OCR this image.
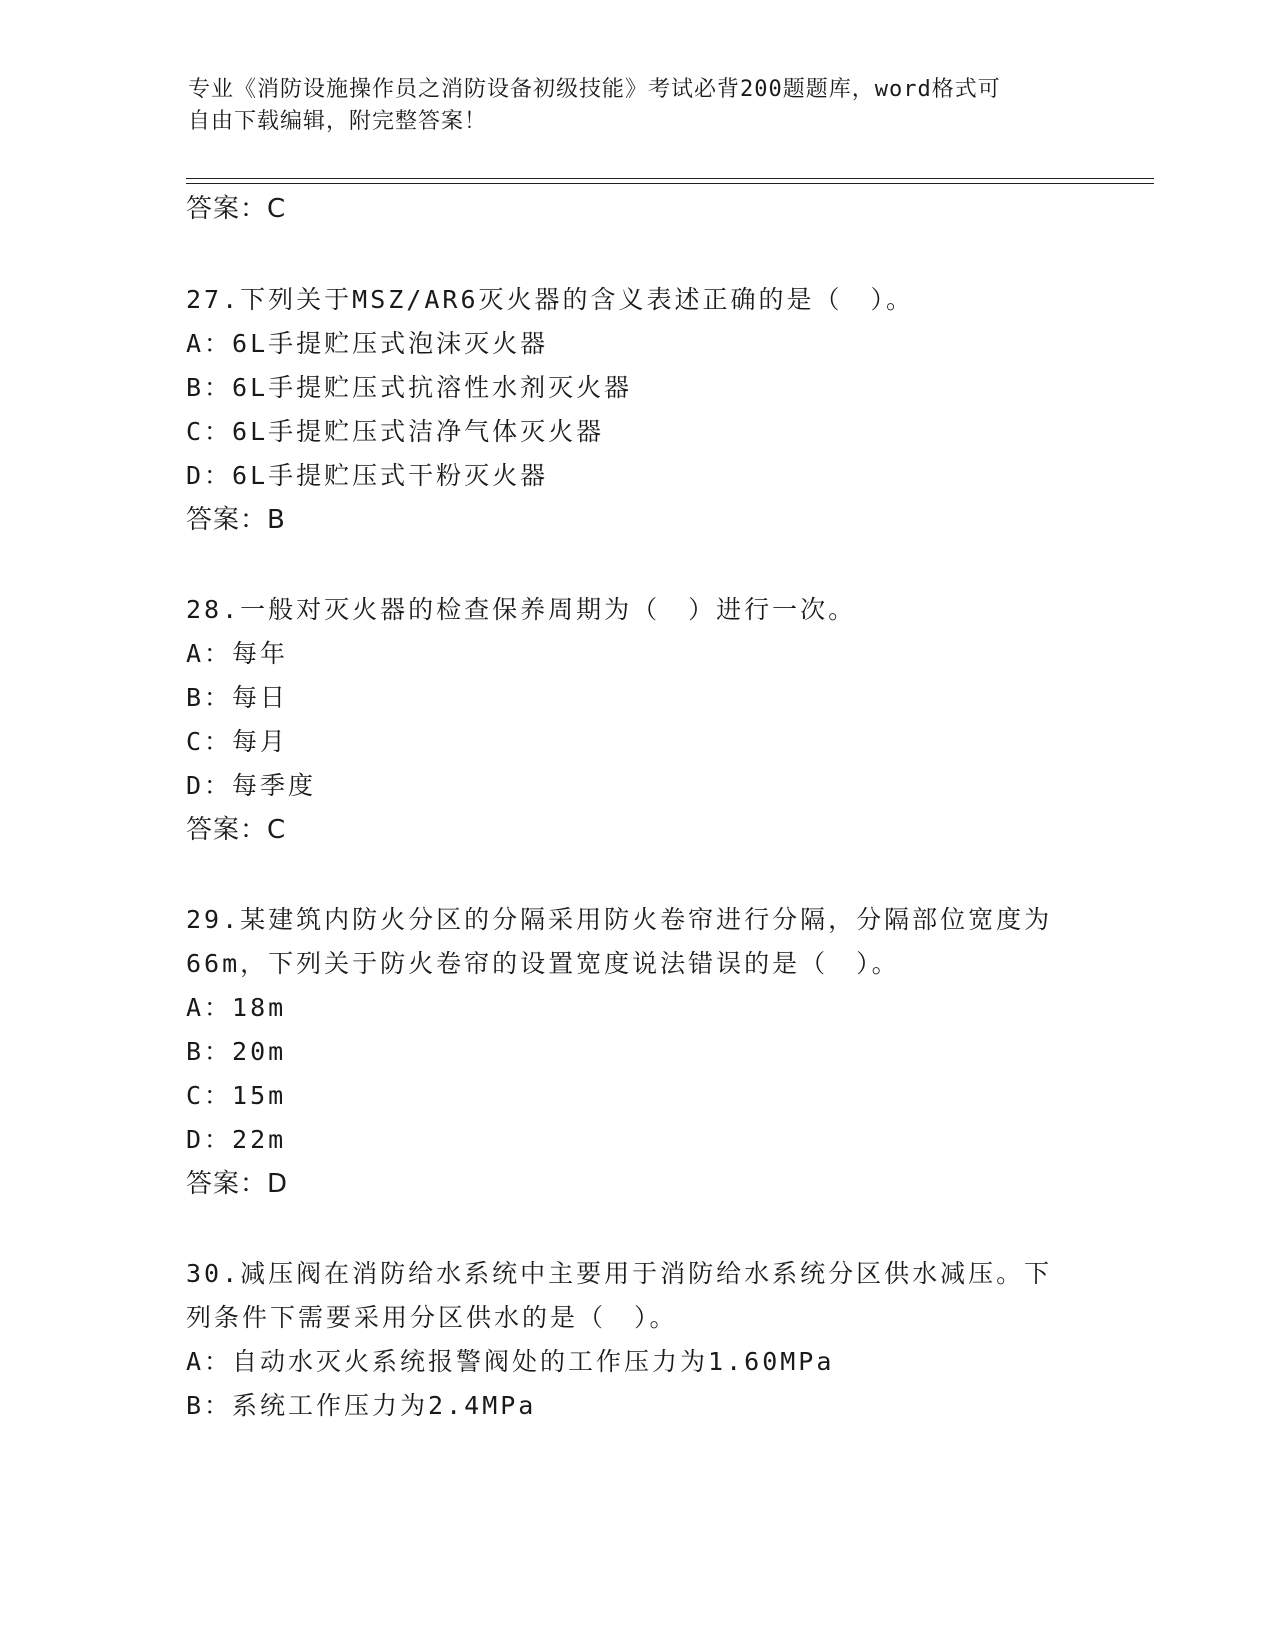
专业《消防设施操作员之消防设备初级技能》考试必背200题题库，word格式可
自由下载编辑，附完整答案！
答案：C
27.下列关于MSZ/AR6灭火器的含义表述正确的是（　）。
A：6L手提贮压式泡沫灭火器
B：6L手提贮压式抗溶性水剂灭火器
C：6L手提贮压式洁净气体灭火器
D：6L手提贮压式干粉灭火器
答案：B
28.一般对灭火器的检查保养周期为（　）进行一次。
A：每年
B：每日
C：每月
D：每季度
答案：C
29.某建筑内防火分区的分隔采用防火卷帘进行分隔，分隔部位宽度为
66m，下列关于防火卷帘的设置宽度说法错误的是（　）。
A：18m
B：20m
C：15m
D：22m
答案：D
30.减压阀在消防给水系统中主要用于消防给水系统分区供水减压。下
列条件下需要采用分区供水的是（　）。
A：自动水灭火系统报警阀处的工作压力为1.60MPa
B：系统工作压力为2.4MPa
